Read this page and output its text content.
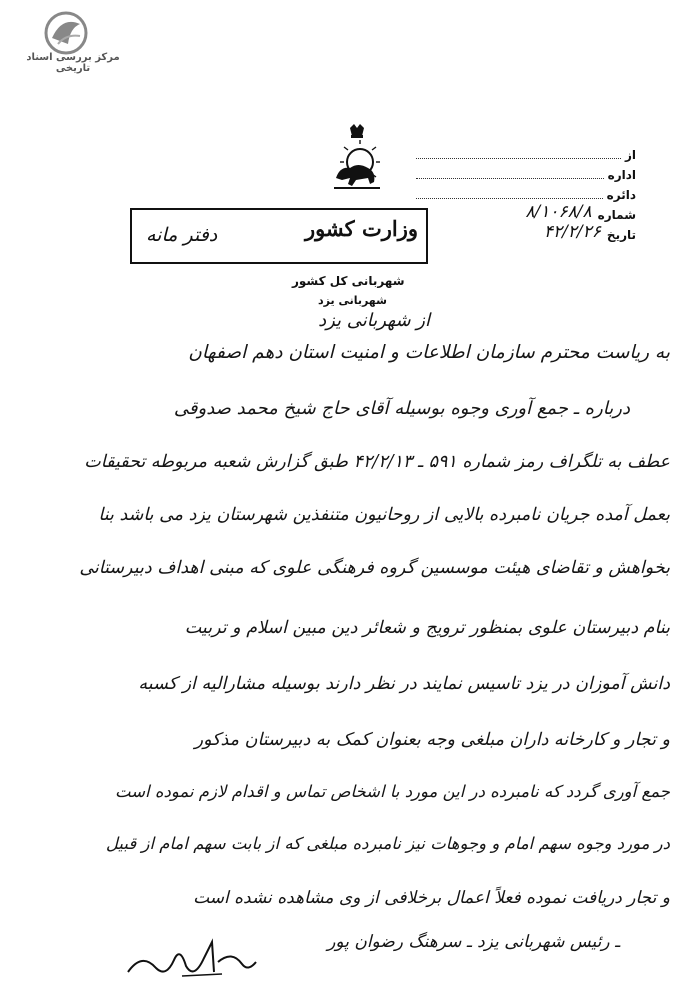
مرکز بررسی اسناد تاریخی
از
اداره
دائره
شماره
۸/۱۰۶۸/۸
تاریخ
۴۲/۲/۲۶
دفتر مانه	وزارت کشور
شهربانی کل کشور
شهربانی یزد
از شهربانی یزد
به ریاست محترم سازمان اطلاعات و امنیت استان دهم اصفهان
درباره ـ جمع آوری وجوه بوسیله آقای حاج شیخ محمد صدوقی
عطف به تلگراف رمز شماره ۵۹۱ ـ ۴۲/۲/۱۳ طبق گزارش شعبه مربوطه تحقیقات
بعمل آمده جریان نامبرده بالایی از روحانیون متنفذین شهرستان یزد می باشد بنا
بخواهش و تقاضای هیئت موسسین گروه فرهنگی علوی که مبنی اهداف دبیرستانی
بنام دبیرستان علوی بمنظور ترویج و شعائر دین مبین اسلام و تربیت
دانش آموزان در یزد تاسیس نمایند در نظر دارند بوسیله مشارالیه از کسبه
و تجار و کارخانه داران مبلغی وجه بعنوان کمک به دبیرستان مذکور
جمع آوری گردد که نامبرده در این مورد با اشخاص تماس و اقدام لازم نموده است
در مورد وجوه سهم امام و وجوهات نیز نامبرده مبلغی که از بابت سهم امام از قبیل
و تجار دریافت نموده فعلاً اعمال برخلافی از وی مشاهده نشده است
ـ رئیس شهربانی یزد ـ سرهنگ رضوان پور
